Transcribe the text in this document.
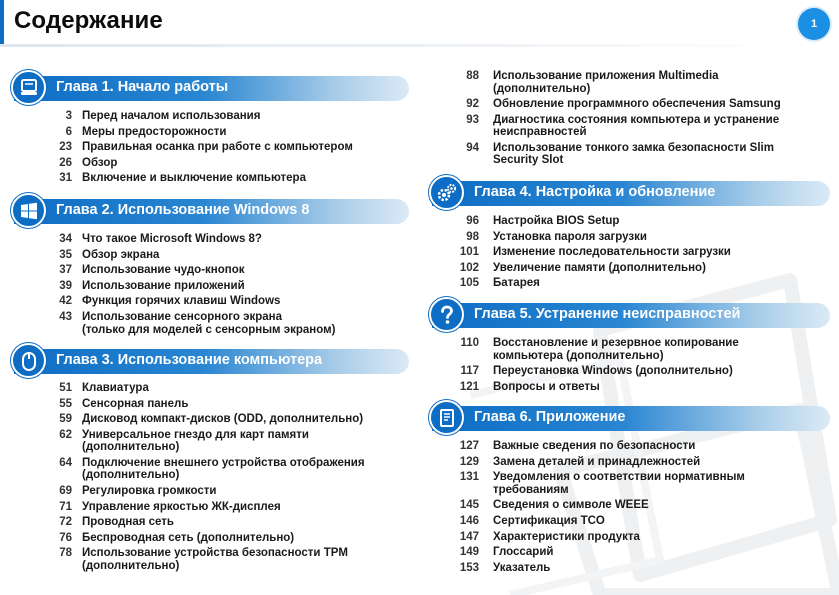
Содержание	1
Глава 1. Начало работы
3 Перед началом использования
6 Меры предосторожности
23 Правильная осанка при работе с компьютером
26 Обзор
31 Включение и выключение компьютера
Глава 2. Использование Windows 8
34 Что такое Microsoft Windows 8?
35 Обзор экрана
37 Использование чудо-кнопок
39 Использование приложений
42 Функция горячих клавиш Windows
43 Использование сенсорного экрана
(только для моделей с сенсорным экраном)
Глава 3. Использование компьютера
51 Клавиатура
55 Сенсорная панель
59 Дисковод компакт-дисков (ODD, дополнительно)
62 Универсальное гнездо для карт памяти
(дополнительно)
64 Подключение внешнего устройства отображения
(дополнительно)
69 Регулировка громкости
71 Управление яркостью ЖК-дисплея
72 Проводная сеть
76 Беспроводная сеть (дополнительно)
78 Использование устройства безопасности TPM
(дополнительно)
88 Использование приложения Multimedia
(дополнительно)
92 Обновление программного обеспечения Samsung
93 Диагностика состояния компьютера и устранение
неисправностей
94 Использование тонкого замка безопасности Slim
Security Slot
Глава 4. Настройка и обновление
96 Настройка BIOS Setup
98 Установка пароля загрузки
101 Изменение последовательности загрузки
102 Увеличение памяти (дополнительно)
105 Батарея
Глава 5. Устранение неисправностей
110 Восстановление и резервное копирование
компьютера (дополнительно)
117 Переустановка Windows (дополнительно)
121 Вопросы и ответы
Глава 6. Приложение
127 Важные сведения по безопасности
129 Замена деталей и принадлежностей
131 Уведомления о соответствии нормативным
требованиям
145 Сведения о символе WEEE
146 Сертификация TCO
147 Характеристики продукта
149 Глоссарий
153 Указатель
